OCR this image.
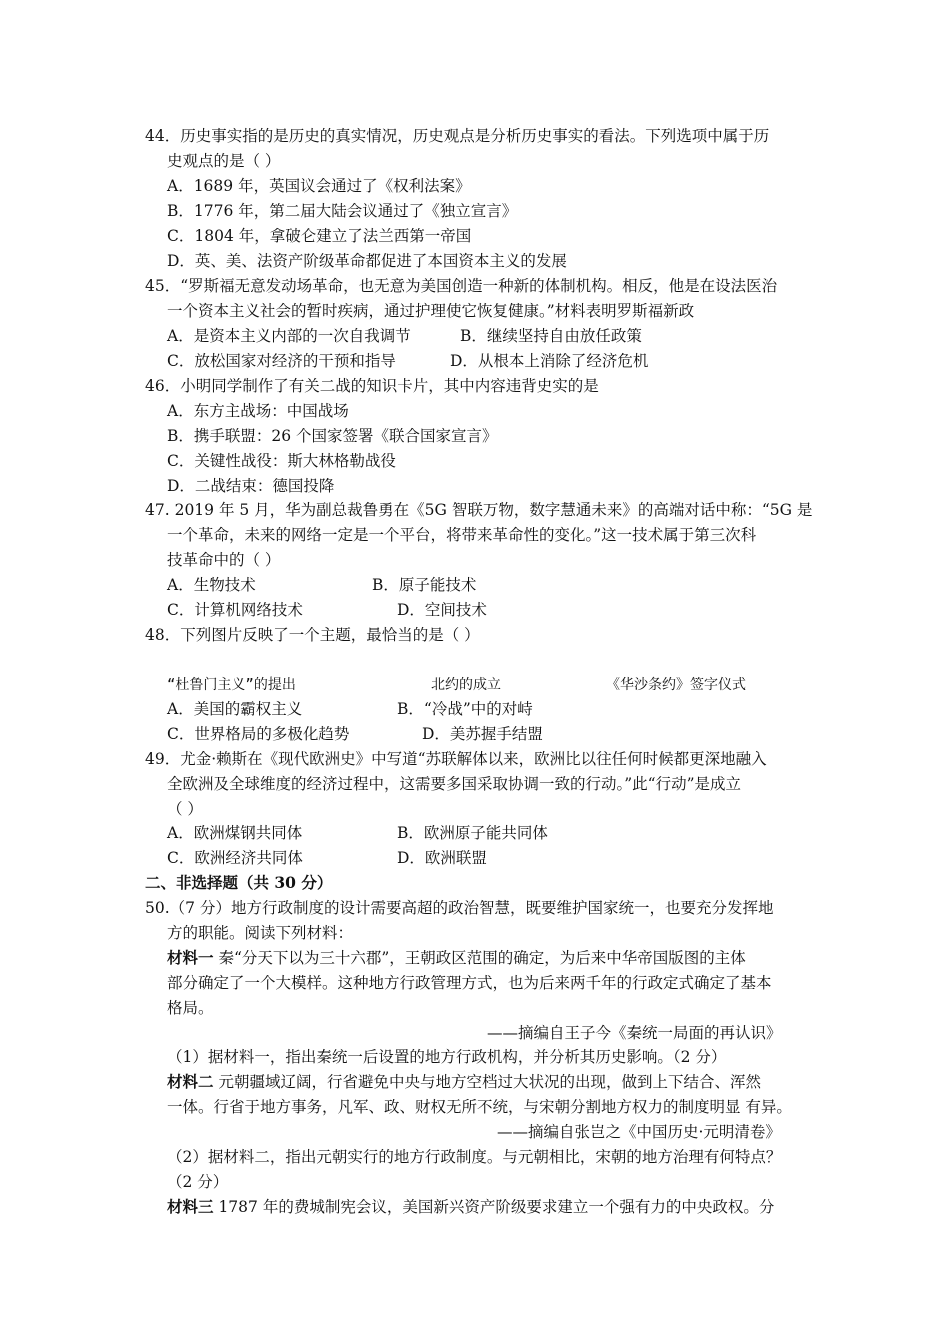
44．历史事实指的是历史的真实情况，历史观点是分析历史事实的看法。下列选项中属于历
史观点的是（ ）
A．1689 年，英国议会通过了《权利法案》
B．1776 年，第二届大陆会议通过了《独立宣言》
C．1804 年，拿破仑建立了法兰西第一帝国
D．英、美、法资产阶级革命都促进了本国资本主义的发展
45．“罗斯福无意发动场革命，也无意为美国创造一种新的体制机构。相反，他是在设法医治
一个资本主义社会的暂时疾病，通过护理使它恢复健康。”材料表明罗斯福新政
A．是资本主义内部的一次自我调节	B．继续坚持自由放任政策
C．放松国家对经济的干预和指导	D．从根本上消除了经济危机
46．小明同学制作了有关二战的知识卡片，其中内容违背史实的是
A．东方主战场：中国战场
B．携手联盟：26 个国家签署《联合国家宣言》
C．关键性战役：斯大林格勒战役
D．二战结束：德国投降
47. 2019 年 5 月，华为副总裁鲁勇在《5G 智联万物，数字慧通未来》的高端对话中称：“5G 是
一个革命，未来的网络一定是一个平台，将带来革命性的变化。”这一技术属于第三次科
技革命中的（ ）
A．生物技术	B．原子能技术
C．计算机网络技术	D．空间技术
48．下列图片反映了一个主题，最恰当的是（ ）
“杜鲁门主义”的提出	北约的成立	《华沙条约》签字仪式
A．美国的霸权主义	B．“冷战”中的对峙
C．世界格局的多极化趋势	D．美苏握手结盟
49．尤金·赖斯在《现代欧洲史》中写道“苏联解体以来，欧洲比以往任何时候都更深地融入
全欧洲及全球维度的经济过程中，这需要多国采取协调一致的行动。”此“行动”是成立
（ ）
A．欧洲煤钢共同体	B．欧洲原子能共同体
C．欧洲经济共同体	D．欧洲联盟
二、非选择题（共 30 分）
50.（7 分）地方行政制度的设计需要高超的政治智慧，既要维护国家统一，也要充分发挥地
方的职能。阅读下列材料：
材料一 秦“分天下以为三十六郡”，王朝政区范围的确定，为后来中华帝国版图的主体
部分确定了一个大模样。这种地方行政管理方式，也为后来两千年的行政定式确定了基本
格局。
——摘编自王子今《秦统一局面的再认识》
（1）据材料一，指出秦统一后设置的地方行政机构，并分析其历史影响。（2 分）
材料二 元朝疆域辽阔，行省避免中央与地方空档过大状况的出现，做到上下结合、浑然
一体。行省于地方事务，凡军、政、财权无所不统，与宋朝分割地方权力的制度明显 有异。
——摘编自张岂之《中国历史·元明清卷》
（2）据材料二，指出元朝实行的地方行政制度。与元朝相比，宋朝的地方治理有何特点？
（2 分）
材料三 1787 年的费城制宪会议，美国新兴资产阶级要求建立一个强有力的中央政权。分
